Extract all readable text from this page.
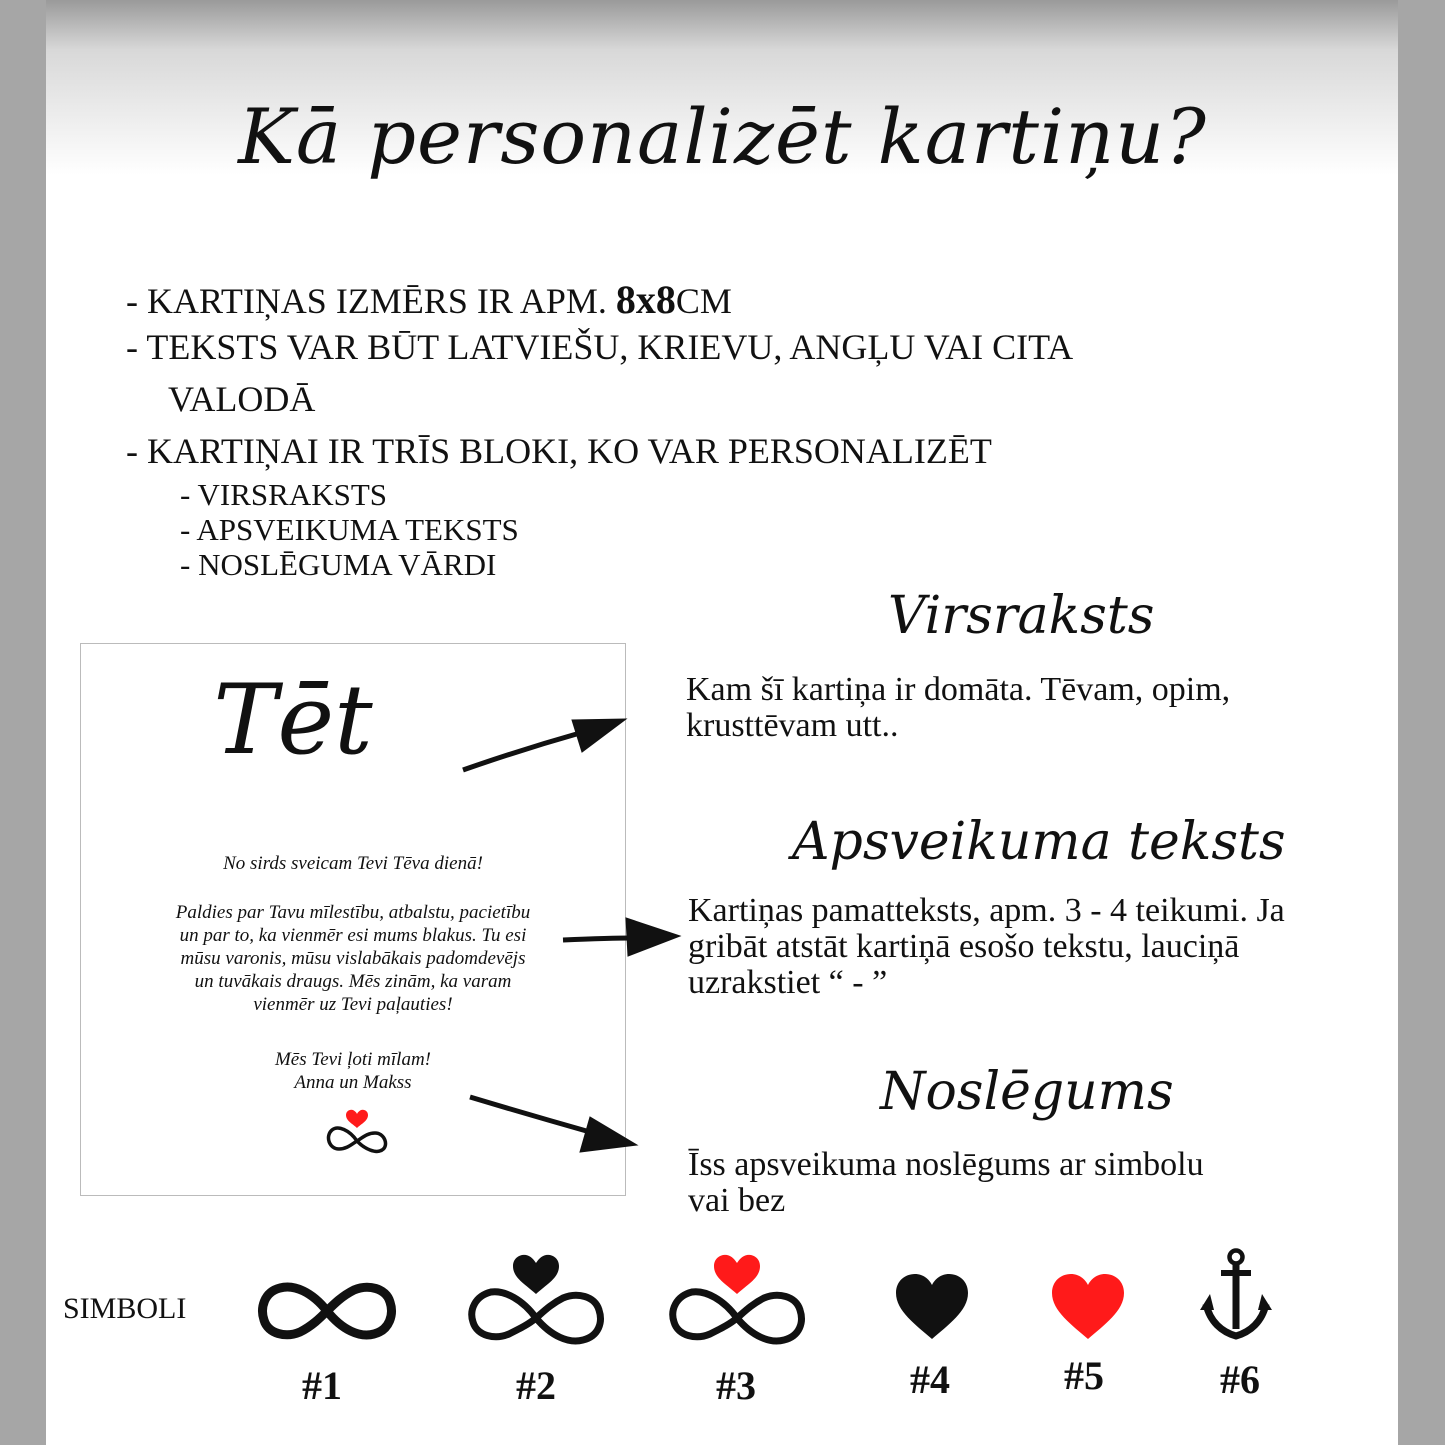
Kā personalizēt kartiņu?
- KARTIŅAS IZMĒRS IR APM. 8x8CM
- TEKSTS VAR BŪT LATVIEŠU, KRIEVU, ANGĻU VAI CITA
VALODĀ
- KARTIŅAI IR TRĪS BLOKI, KO VAR PERSONALIZĒT
- VIRSRAKSTS
- APSVEIKUMA TEKSTS
- NOSLĒGUMA VĀRDI
Tēt
No sirds sveicam Tevi Tēva dienā!
Paldies par Tavu mīlestību, atbalstu, pacietību
un par to, ka vienmēr esi mums blakus. Tu esi
mūsu varonis, mūsu vislabākais padomdevējs
un tuvākais draugs. Mēs zinām, ka varam
vienmēr uz Tevi paļauties!
Mēs Tevi ļoti mīlam!
Anna un Makss
Virsraksts
Kam šī kartiņa ir domāta. Tēvam, opim,
krusttēvam utt..
Apsveikuma teksts
Kartiņas pamatteksts, apm. 3 - 4 teikumi. Ja
gribāt atstāt kartiņā esošo tekstu, lauciņā
uzrakstiet “ - ”
Noslēgums
Īss apsveikuma noslēgums ar simbolu
vai bez
SIMBOLI
#1	#2	#3	#4	#5	#6
